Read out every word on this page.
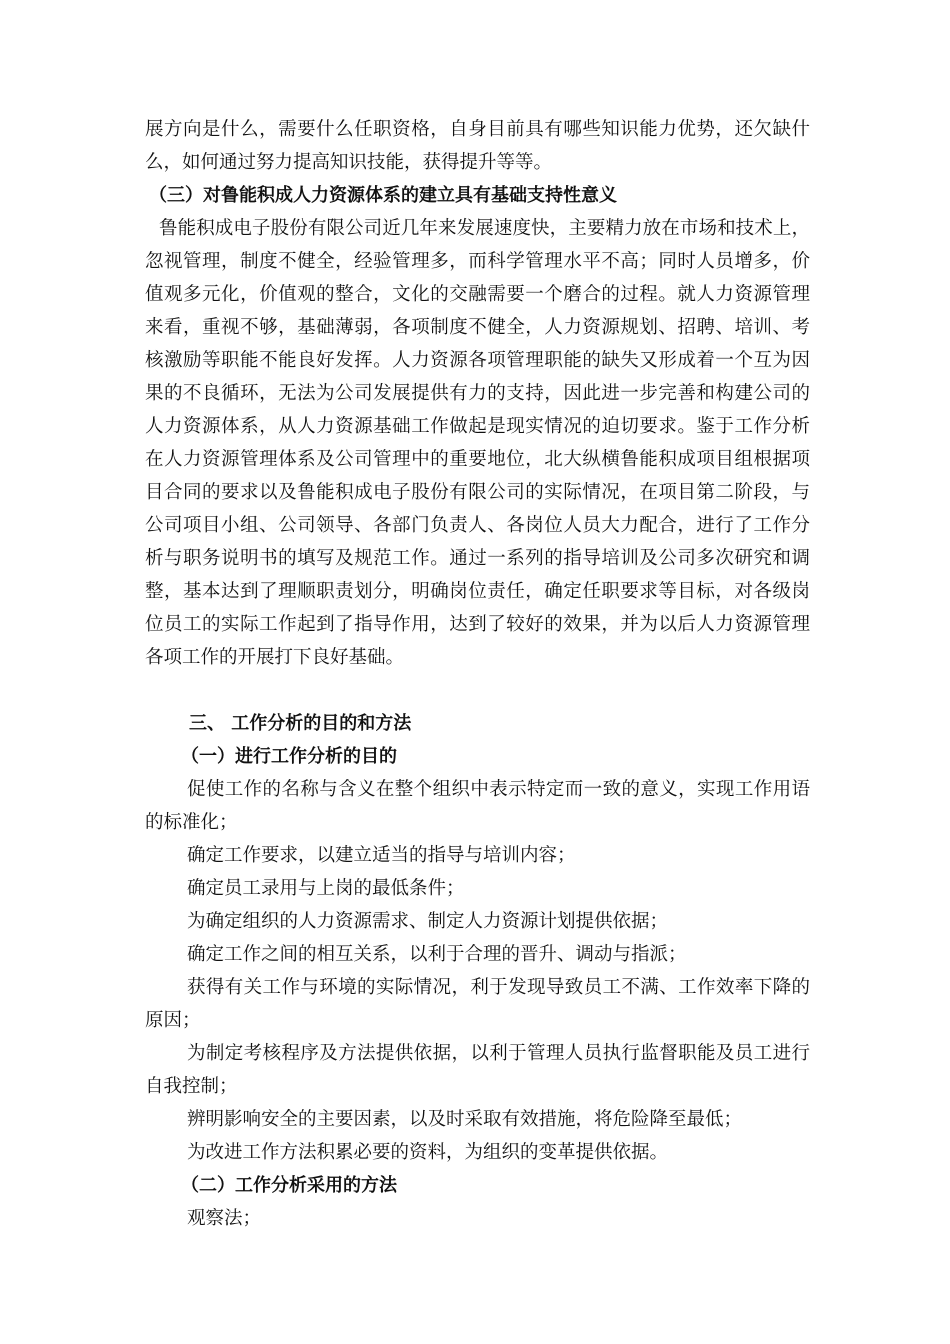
展方向是什么，需要什么任职资格，自身目前具有哪些知识能力优势，还欠缺什么，如何通过努力提高知识技能，获得提升等等。

（三）对鲁能积成人力资源体系的建立具有基础支持性意义

鲁能积成电子股份有限公司近几年来发展速度快，主要精力放在市场和技术上，忽视管理，制度不健全，经验管理多，而科学管理水平不高；同时人员增多，价值观多元化，价值观的整合，文化的交融需要一个磨合的过程。就人力资源管理来看，重视不够，基础薄弱，各项制度不健全，人力资源规划、招聘、培训、考核激励等职能不能良好发挥。人力资源各项管理职能的缺失又形成着一个互为因果的不良循环，无法为公司发展提供有力的支持，因此进一步完善和构建公司的人力资源体系，从人力资源基础工作做起是现实情况的迫切要求。鉴于工作分析在人力资源管理体系及公司管理中的重要地位，北大纵横鲁能积成项目组根据项目合同的要求以及鲁能积成电子股份有限公司的实际情况，在项目第二阶段，与公司项目小组、公司领导、各部门负责人、各岗位人员大力配合，进行了工作分析与职务说明书的填写及规范工作。通过一系列的指导培训及公司多次研究和调整，基本达到了理顺职责划分，明确岗位责任，确定任职要求等目标，对各级岗位员工的实际工作起到了指导作用，达到了较好的效果，并为以后人力资源管理各项工作的开展打下良好基础。

三、 工作分析的目的和方法

（一）进行工作分析的目的

促使工作的名称与含义在整个组织中表示特定而一致的意义，实现工作用语的标准化；

确定工作要求，以建立适当的指导与培训内容；

确定员工录用与上岗的最低条件；

为确定组织的人力资源需求、制定人力资源计划提供依据；

确定工作之间的相互关系，以利于合理的晋升、调动与指派；

获得有关工作与环境的实际情况，利于发现导致员工不满、工作效率下降的原因；

为制定考核程序及方法提供依据，以利于管理人员执行监督职能及员工进行自我控制；

辨明影响安全的主要因素，以及时采取有效措施，将危险降至最低；

为改进工作方法积累必要的资料，为组织的变革提供依据。

（二）工作分析采用的方法

观察法；
